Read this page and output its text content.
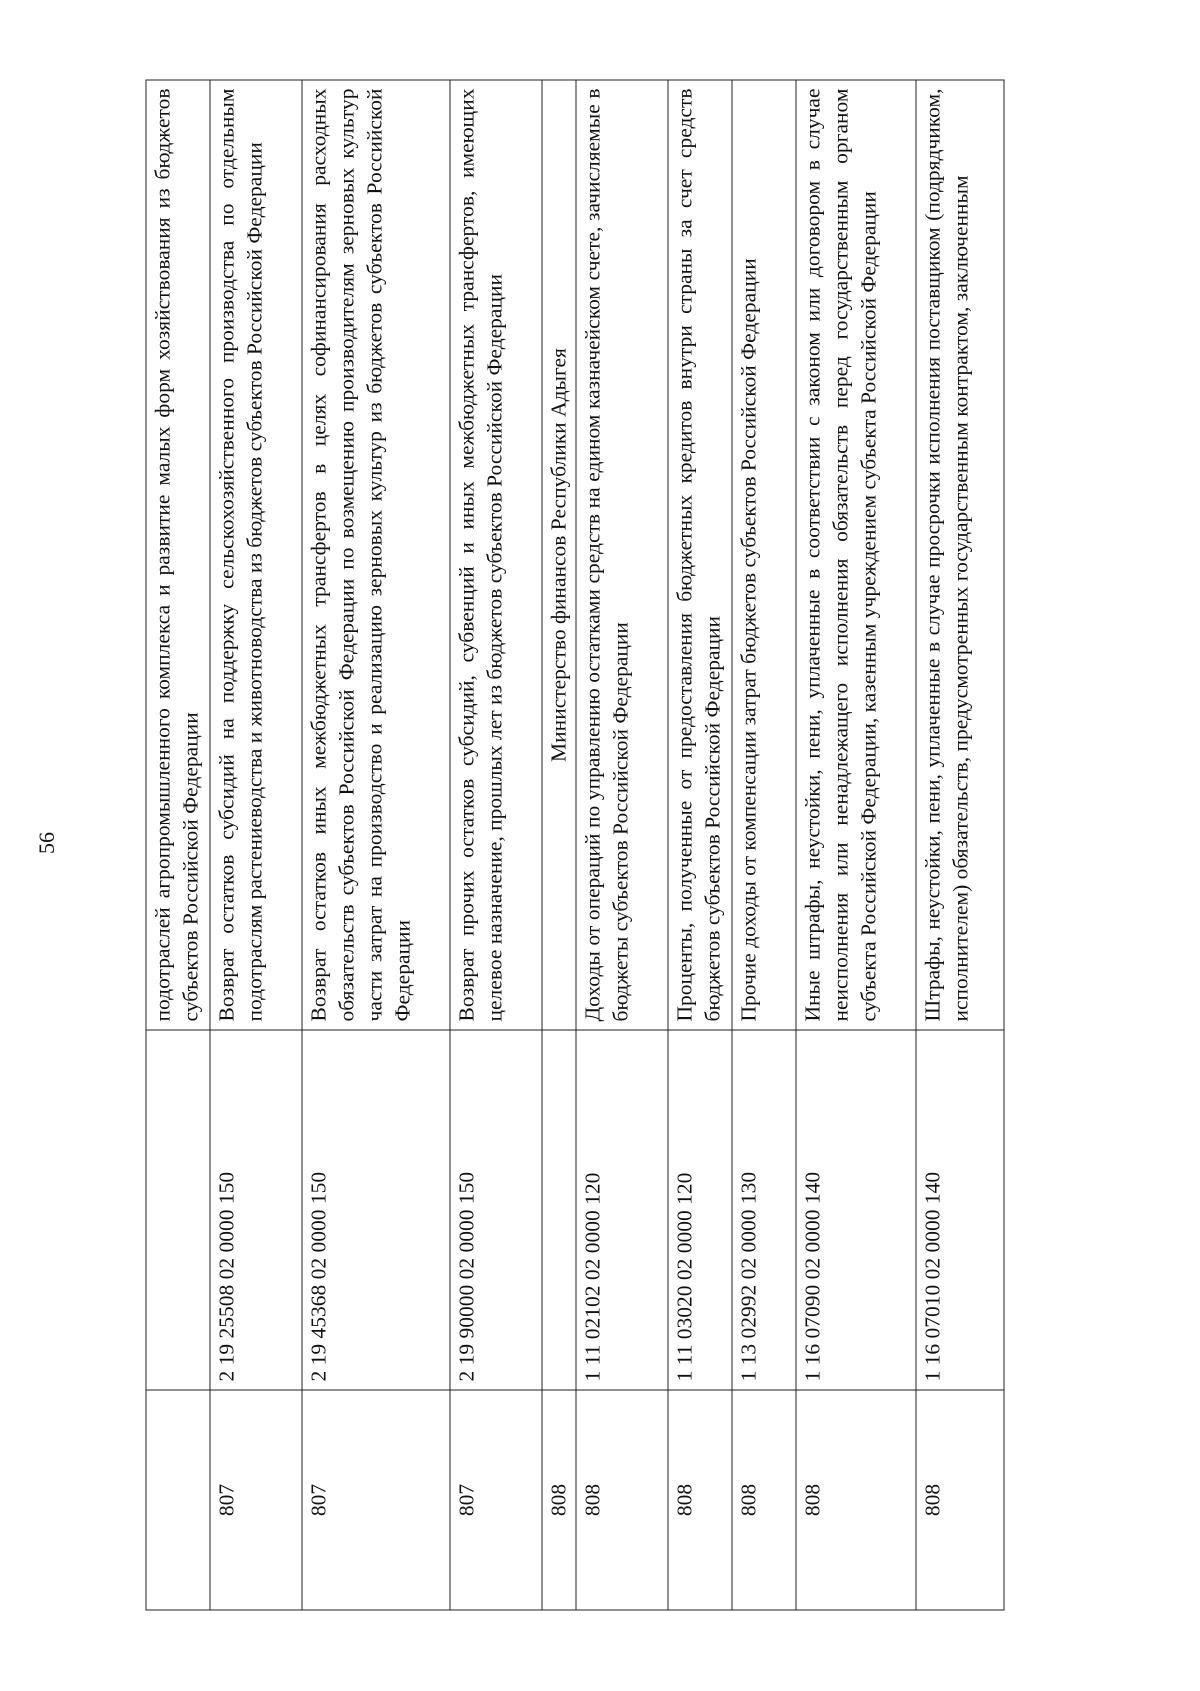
56
			подотраслей агропромышленного комплекса и развитие малых форм хозяйствования из бюджетов субъектов Российской Федерации
807	2 19 25508 02 0000 150	Возврат остатков субсидий на поддержку сельскохозяйственного производства по отдельным подотраслям растениеводства и животноводства из бюджетов субъектов Российской Федерации
807	2 19 45368 02 0000 150	Возврат остатков иных межбюджетных трансфертов в целях софинансирования расходных обязательств субъектов Российской Федерации по возмещению производителям зерновых культур части затрат на производство и реализацию зерновых культур из бюджетов субъектов Российской Федерации
807	2 19 90000 02 0000 150	Возврат прочих остатков субсидий, субвенций и иных межбюджетных трансфертов, имеющих целевое назначение, прошлых лет из бюджетов субъектов Российской Федерации
808		Министерство финансов Республики Адыгея
808	1 11 02102 02 0000 120	Доходы от операций по управлению остатками средств на едином казначейском счете, зачисляемые в бюджеты субъектов Российской Федерации
808	1 11 03020 02 0000 120	Проценты, полученные от предоставления бюджетных кредитов внутри страны за счет средств бюджетов субъектов Российской Федерации
808	1 13 02992 02 0000 130	Прочие доходы от компенсации затрат бюджетов субъектов Российской Федерации
808	1 16 07090 02 0000 140	Иные штрафы, неустойки, пени, уплаченные в соответствии с законом или договором в случае неисполнения или ненадлежащего исполнения обязательств перед государственным органом субъекта Российской Федерации, казенным учреждением субъекта Российской Федерации
808	1 16 07010 02 0000 140	Штрафы, неустойки, пени, уплаченные в случае просрочки исполнения поставщиком (подрядчиком, исполнителем) обязательств, предусмотренных государственным контрактом, заключенным
